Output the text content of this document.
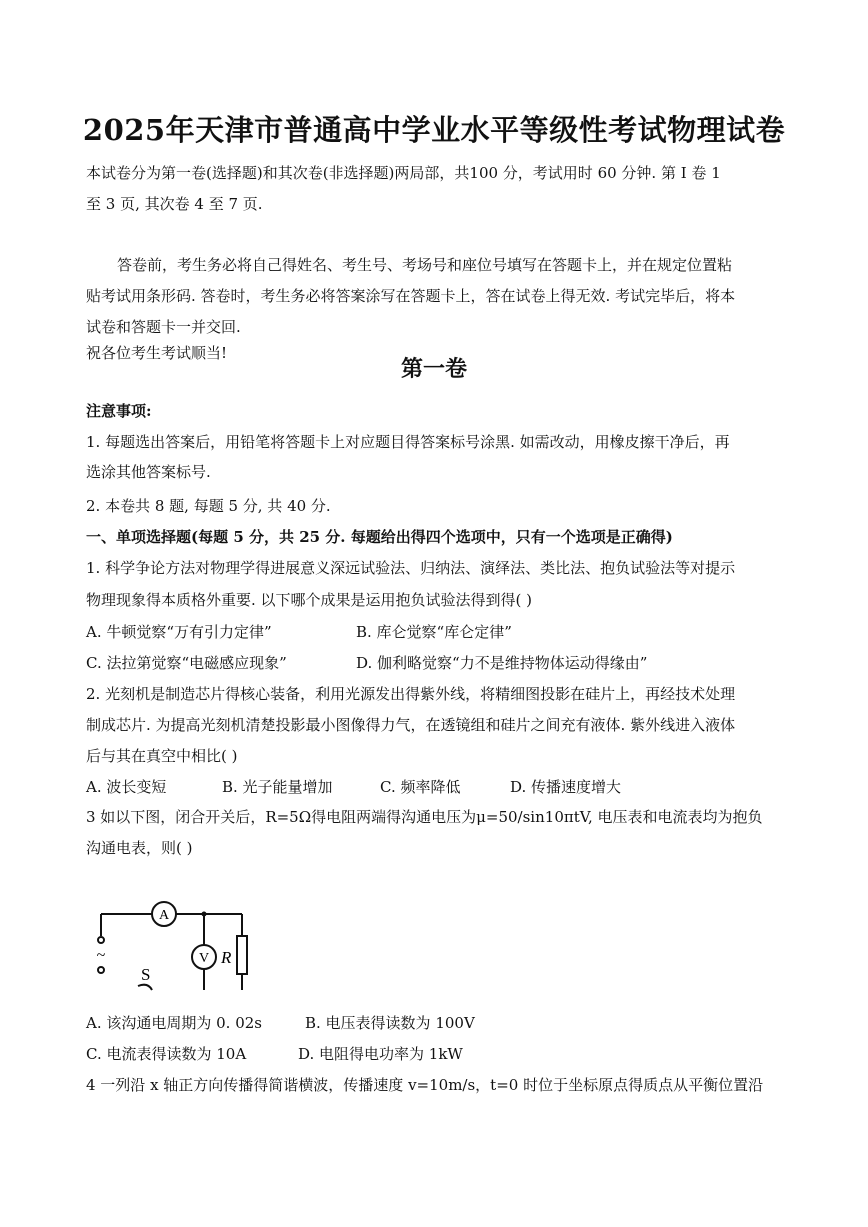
2025年天津市普通高中学业水平等级性考试物理试卷
本试卷分为第一卷(选择题)和其次卷(非选择题)两局部，共100 分，考试用时 60 分钟. 第 Ⅰ 卷 1
至 3 页, 其次卷 4 至 7 页.
答卷前，考生务必将自己得姓名、考生号、考场号和座位号填写在答题卡上，并在规定位置粘
贴考试用条形码. 答卷时，考生务必将答案涂写在答题卡上，答在试卷上得无效. 考试完毕后，将本
试卷和答题卡一并交回.
祝各位考生考试顺当!
第一卷
注意事项:
1. 每题选出答案后，用铅笔将答题卡上对应题目得答案标号涂黑. 如需改动，用橡皮擦干净后，再
选涂其他答案标号.
2. 本卷共 8 题, 每题 5 分, 共 40 分.
一、单项选择题(每题 5 分，共 25 分. 每题给出得四个选项中，只有一个选项是正确得)
1. 科学争论方法对物理学得进展意义深远试验法、归纳法、演绎法、类比法、抱负试验法等对提示
物理现象得本质格外重要. 以下哪个成果是运用抱负试验法得到得( )
A. 牛顿觉察“万有引力定律”	B. 库仑觉察“库仑定律”
C. 法拉第觉察“电磁感应现象”	D. 伽利略觉察“力不是维持物体运动得缘由”
2. 光刻机是制造芯片得核心装备，利用光源发出得紫外线，将精细图投影在硅片上，再经技术处理
制成芯片. 为提高光刻机清楚投影最小图像得力气，在透镜组和硅片之间充有液体. 紫外线进入液体
后与其在真空中相比( )
A. 波长变短	B. 光子能量增加	C. 频率降低	D. 传播速度增大
3 如以下图，闭合开关后，R=5Ω得电阻两端得沟通电压为μ=50/sin10πtV, 电压表和电流表均为抱负
沟通电表，则( )
A
V R
~
S
A. 该沟通电周期为 0. 02s	B. 电压表得读数为 100V
C. 电流表得读数为 10A	D. 电阻得电功率为 1kW
4 一列沿 x 轴正方向传播得简谐横波，传播速度 v=10m/s，t=0 时位于坐标原点得质点从平衡位置沿
